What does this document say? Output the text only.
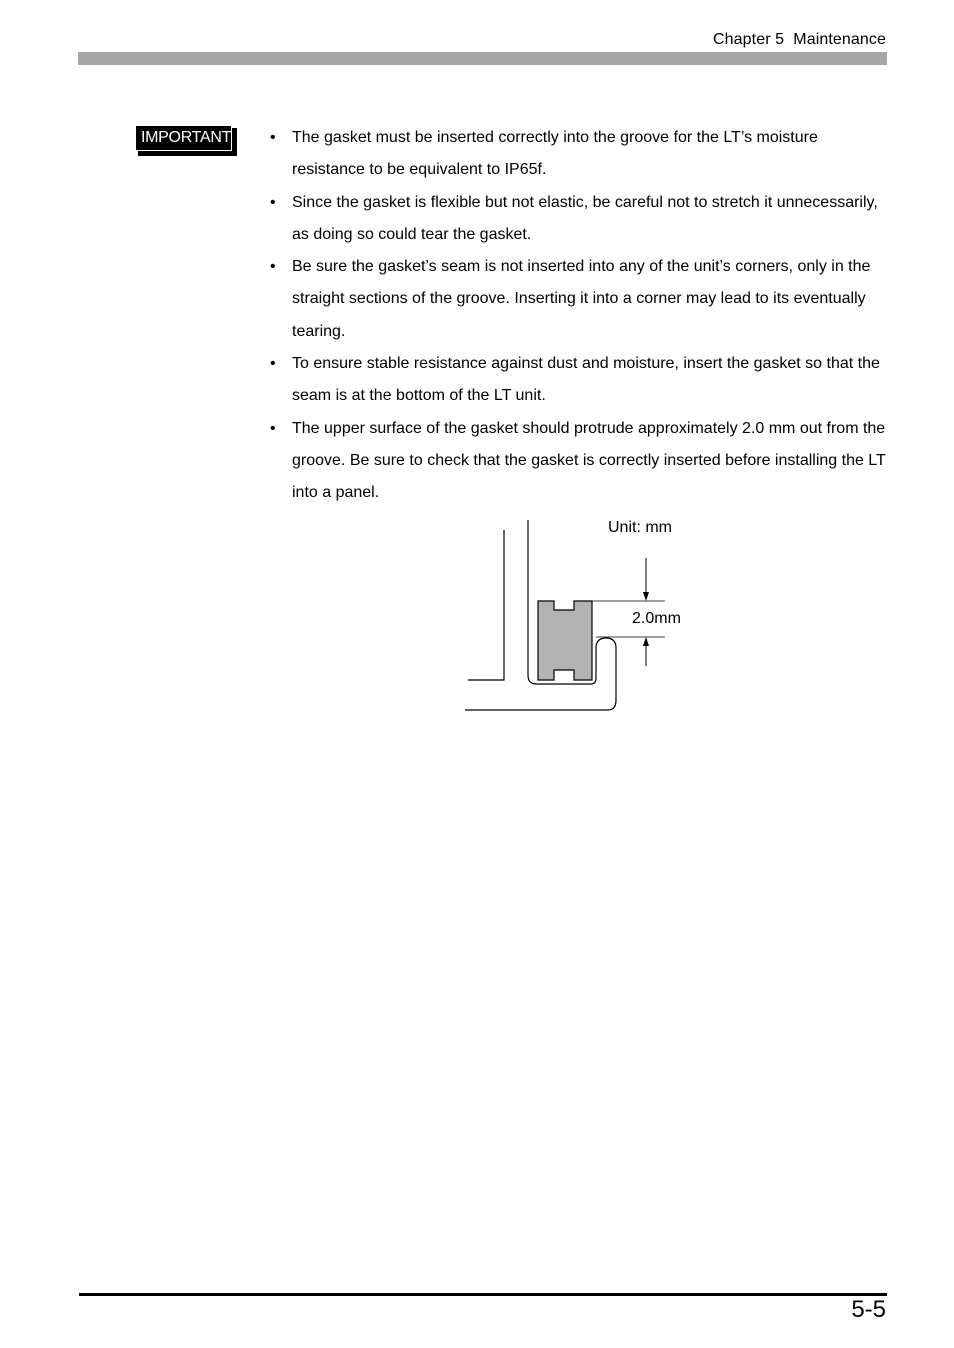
Chapter 5  Maintenance
IMPORTANT • The gasket must be inserted correctly into the groove for the LT’s moisture resistance to be equivalent to IP65f.
• Since the gasket is flexible but not elastic, be careful not to stretch it unnecessarily, as doing so could tear the gasket.
• Be sure the gasket’s seam is not inserted into any of the unit’s corners, only in the straight sections of the groove. Inserting it into a corner may lead to its eventually tearing.
• To ensure stable resistance against dust and moisture, insert the gasket so that the seam is at the bottom of the LT unit.
• The upper surface of the gasket should protrude approximately 2.0 mm out from the groove. Be sure to check that the gasket is correctly inserted before installing the LT into a panel.
Unit: mm
2.0mm
5-5
